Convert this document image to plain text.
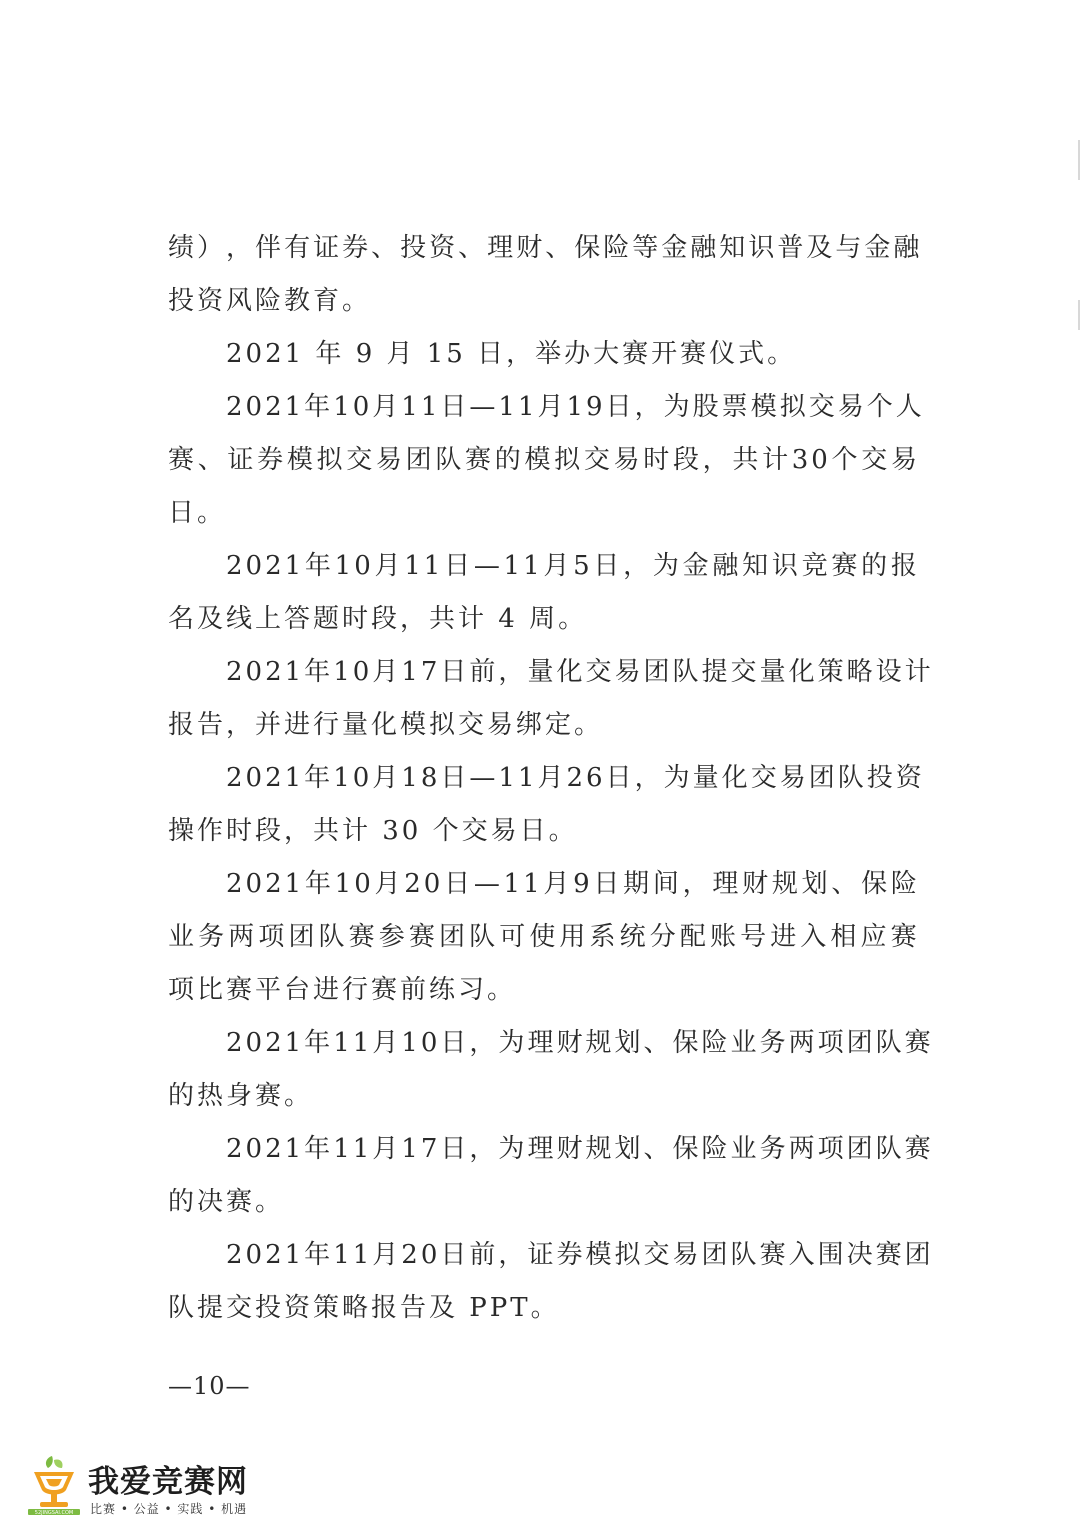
绩 ） ， 伴 有 证 券 、 投 资 、 理 财 、 保 险 等 金 融 知 识 普 及 与 金 融
投资风险教育。
2021 年 9 月 15 日，举办大赛开赛仪式。
2021 年 10 月 11 日 — 11 月 19 日 ， 为 股 票 模 拟 交 易 个 人
赛 、 证 券 模 拟 交 易 团 队 赛 的 模 拟 交 易 时 段 ， 共 计 30 个 交 易
日。
2021 年 10 月 11 日 — 11 月 5 日 ， 为 金 融 知 识 竞 赛 的 报
名及线上答题时段，共计 4 周。
2021 年 10 月 17 日 前 ， 量 化 交 易 团 队 提 交 量 化 策 略 设 计
报告，并进行量化模拟交易绑定。
2021 年 10 月 18 日 — 11 月 26 日 ， 为 量 化 交 易 团 队 投 资
操作时段，共计 30 个交易日。
2021 年 10 月 20 日 — 11 月 9 日 期 间 ， 理 财 规 划 、 保 险
业 务 两 项 团 队 赛 参 赛 团 队 可 使 用 系 统 分 配 账 号 进 入 相 应 赛
项比赛平台进行赛前练习。
2021 年 11 月 10 日 ， 为 理 财 规 划 、 保 险 业 务 两 项 团 队 赛
的热身赛。
2021 年 11 月 17 日 ， 为 理 财 规 划 、 保 险 业 务 两 项 团 队 赛
的决赛。
2021 年 11 月 20 日 前 ， 证 券 模 拟 交 易 团 队 赛 入 围 决 赛 团
队提交投资策略报告及 PPT。
—10—
52JINGSAI.COM
我爱竞赛网
比赛 • 公益 • 实践 • 机遇
